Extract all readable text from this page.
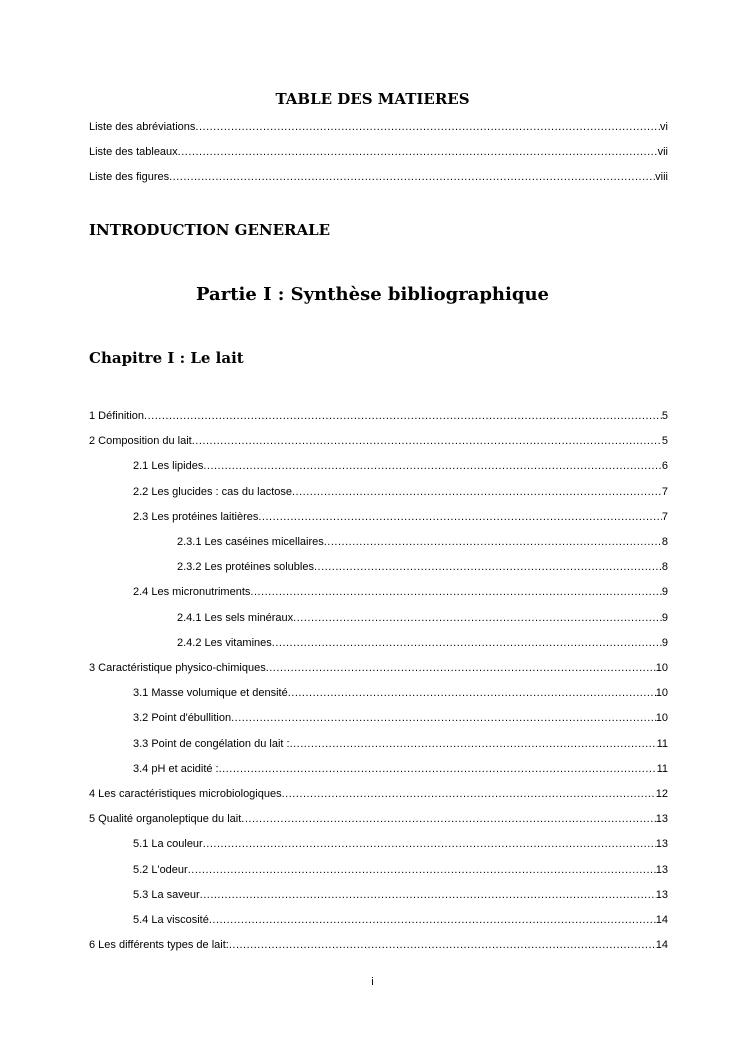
TABLE DES MATIERES
Liste des abréviations .....	vi
Liste des tableaux .....	vii
Liste des figures .....	viii
INTRODUCTION GENERALE
Partie I : Synthèse bibliographique
Chapitre I : Le lait
1 Définition .....	5
2 Composition du lait .....	5
2.1 Les lipides .....	6
2.2 Les glucides : cas du lactose .....	7
2.3 Les protéines laitières .....	7
2.3.1 Les caséines micellaires .....	8
2.3.2 Les protéines solubles .....	8
2.4 Les micronutriments .....	9
2.4.1 Les sels minéraux .....	9
2.4.2 Les vitamines .....	9
3 Caractéristique physico-chimiques .....	10
3.1 Masse volumique et densité .....	10
3.2 Point d'ébullition .....	10
3.3 Point de congélation du lait : .....	11
3.4 pH et acidité : .....	11
4 Les caractéristiques microbiologiques .....	12
5 Qualité organoleptique du lait .....	13
5.1 La couleur .....	13
5.2 L'odeur .....	13
5.3 La saveur .....	13
5.4 La viscosité .....	14
6 Les différents types de lait: .....	14
i
